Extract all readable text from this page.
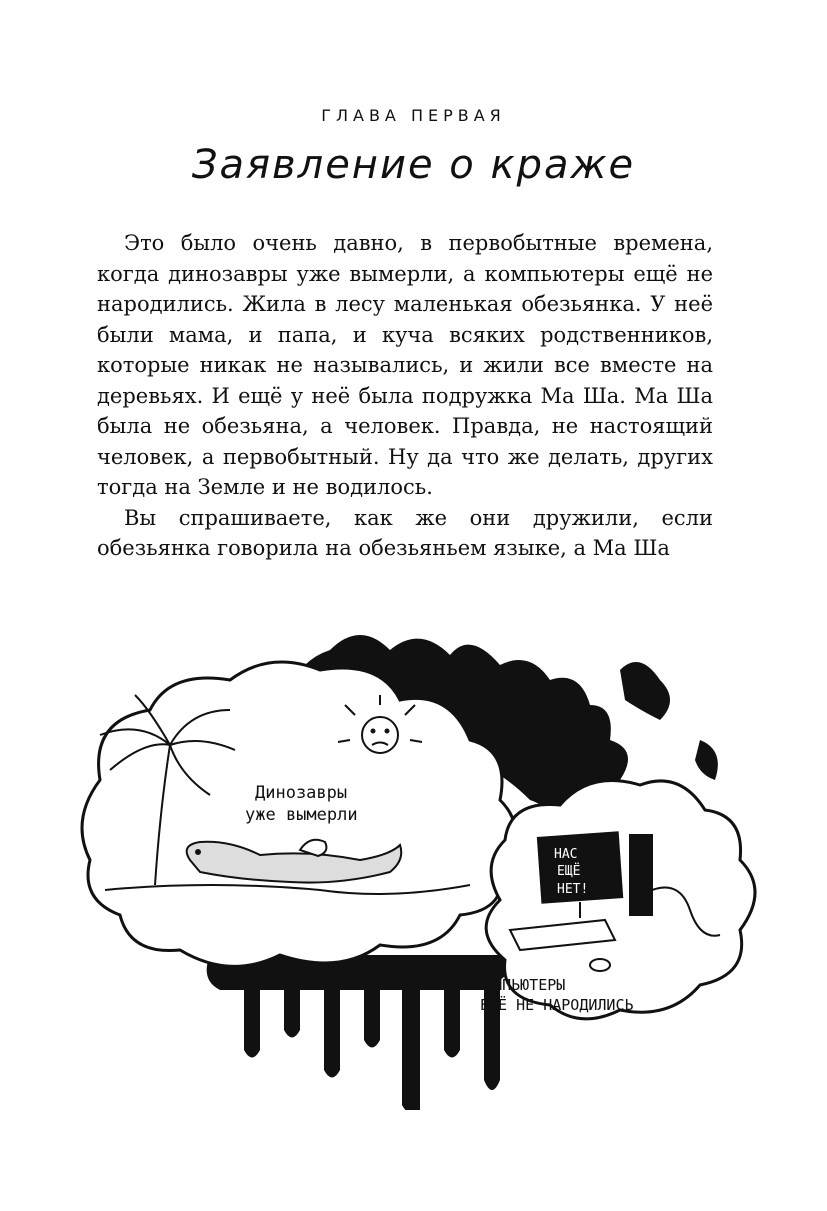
ГЛАВА ПЕРВАЯ
Заявление о краже

Это было очень давно, в первобытные времена, когда динозавры уже вымерли, а компьютеры ещё не народились. Жила в лесу маленькая обезьянка. У неё были мама, и папа, и куча всяких родственников, которые никак не назывались, и жили все вместе на деревьях. И ещё у неё была подружка Ма Ша. Ма Ша была не обезьяна, а человек. Правда, не настоящий человек, а первобытный. Ну да что же делать, других тогда на Земле и не водилось.

Вы спрашиваете, как же они дружили, если обезьянка говорила на обезьяньем языке, а Ма Ша

Динозавры
уже вымерли
НАС
ЕЩЁ
НЕТ!
КОМПЬЮТЕРЫ
ЕЩЁ НЕ НАРОДИЛИСЬ
